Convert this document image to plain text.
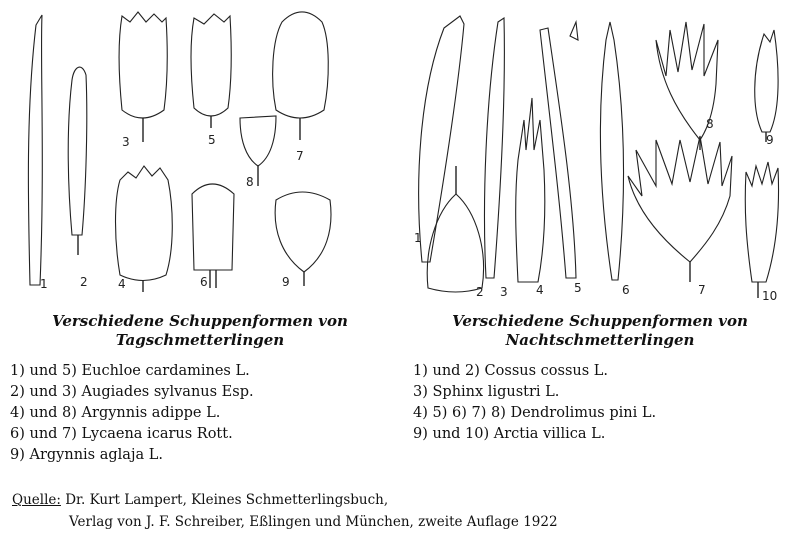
1	2
3
4
5
6
7
8
9
Verschiedene Schuppenformen von
Tagschmetterlingen
1) und 5) Euchloe cardamines L.
2) und 3) Augiades sylvanus Esp.
4) und 8) Argynnis adippe L.
6) und 7) Lycaena icarus Rott.
9) Argynnis aglaja L.
1
2 3 4	5	6	7
8
9
10
Verschiedene Schuppenformen von
Nachtschmetterlingen
1) und 2) Cossus cossus L.
3) Sphinx ligustri L.
4) 5) 6) 7) 8) Dendrolimus pini L.
9) und 10) Arctia villica L.
Quelle: Dr. Kurt Lampert, Kleines Schmetterlingsbuch,
Verlag von J. F. Schreiber, Eßlingen und München, zweite Auflage 1922
